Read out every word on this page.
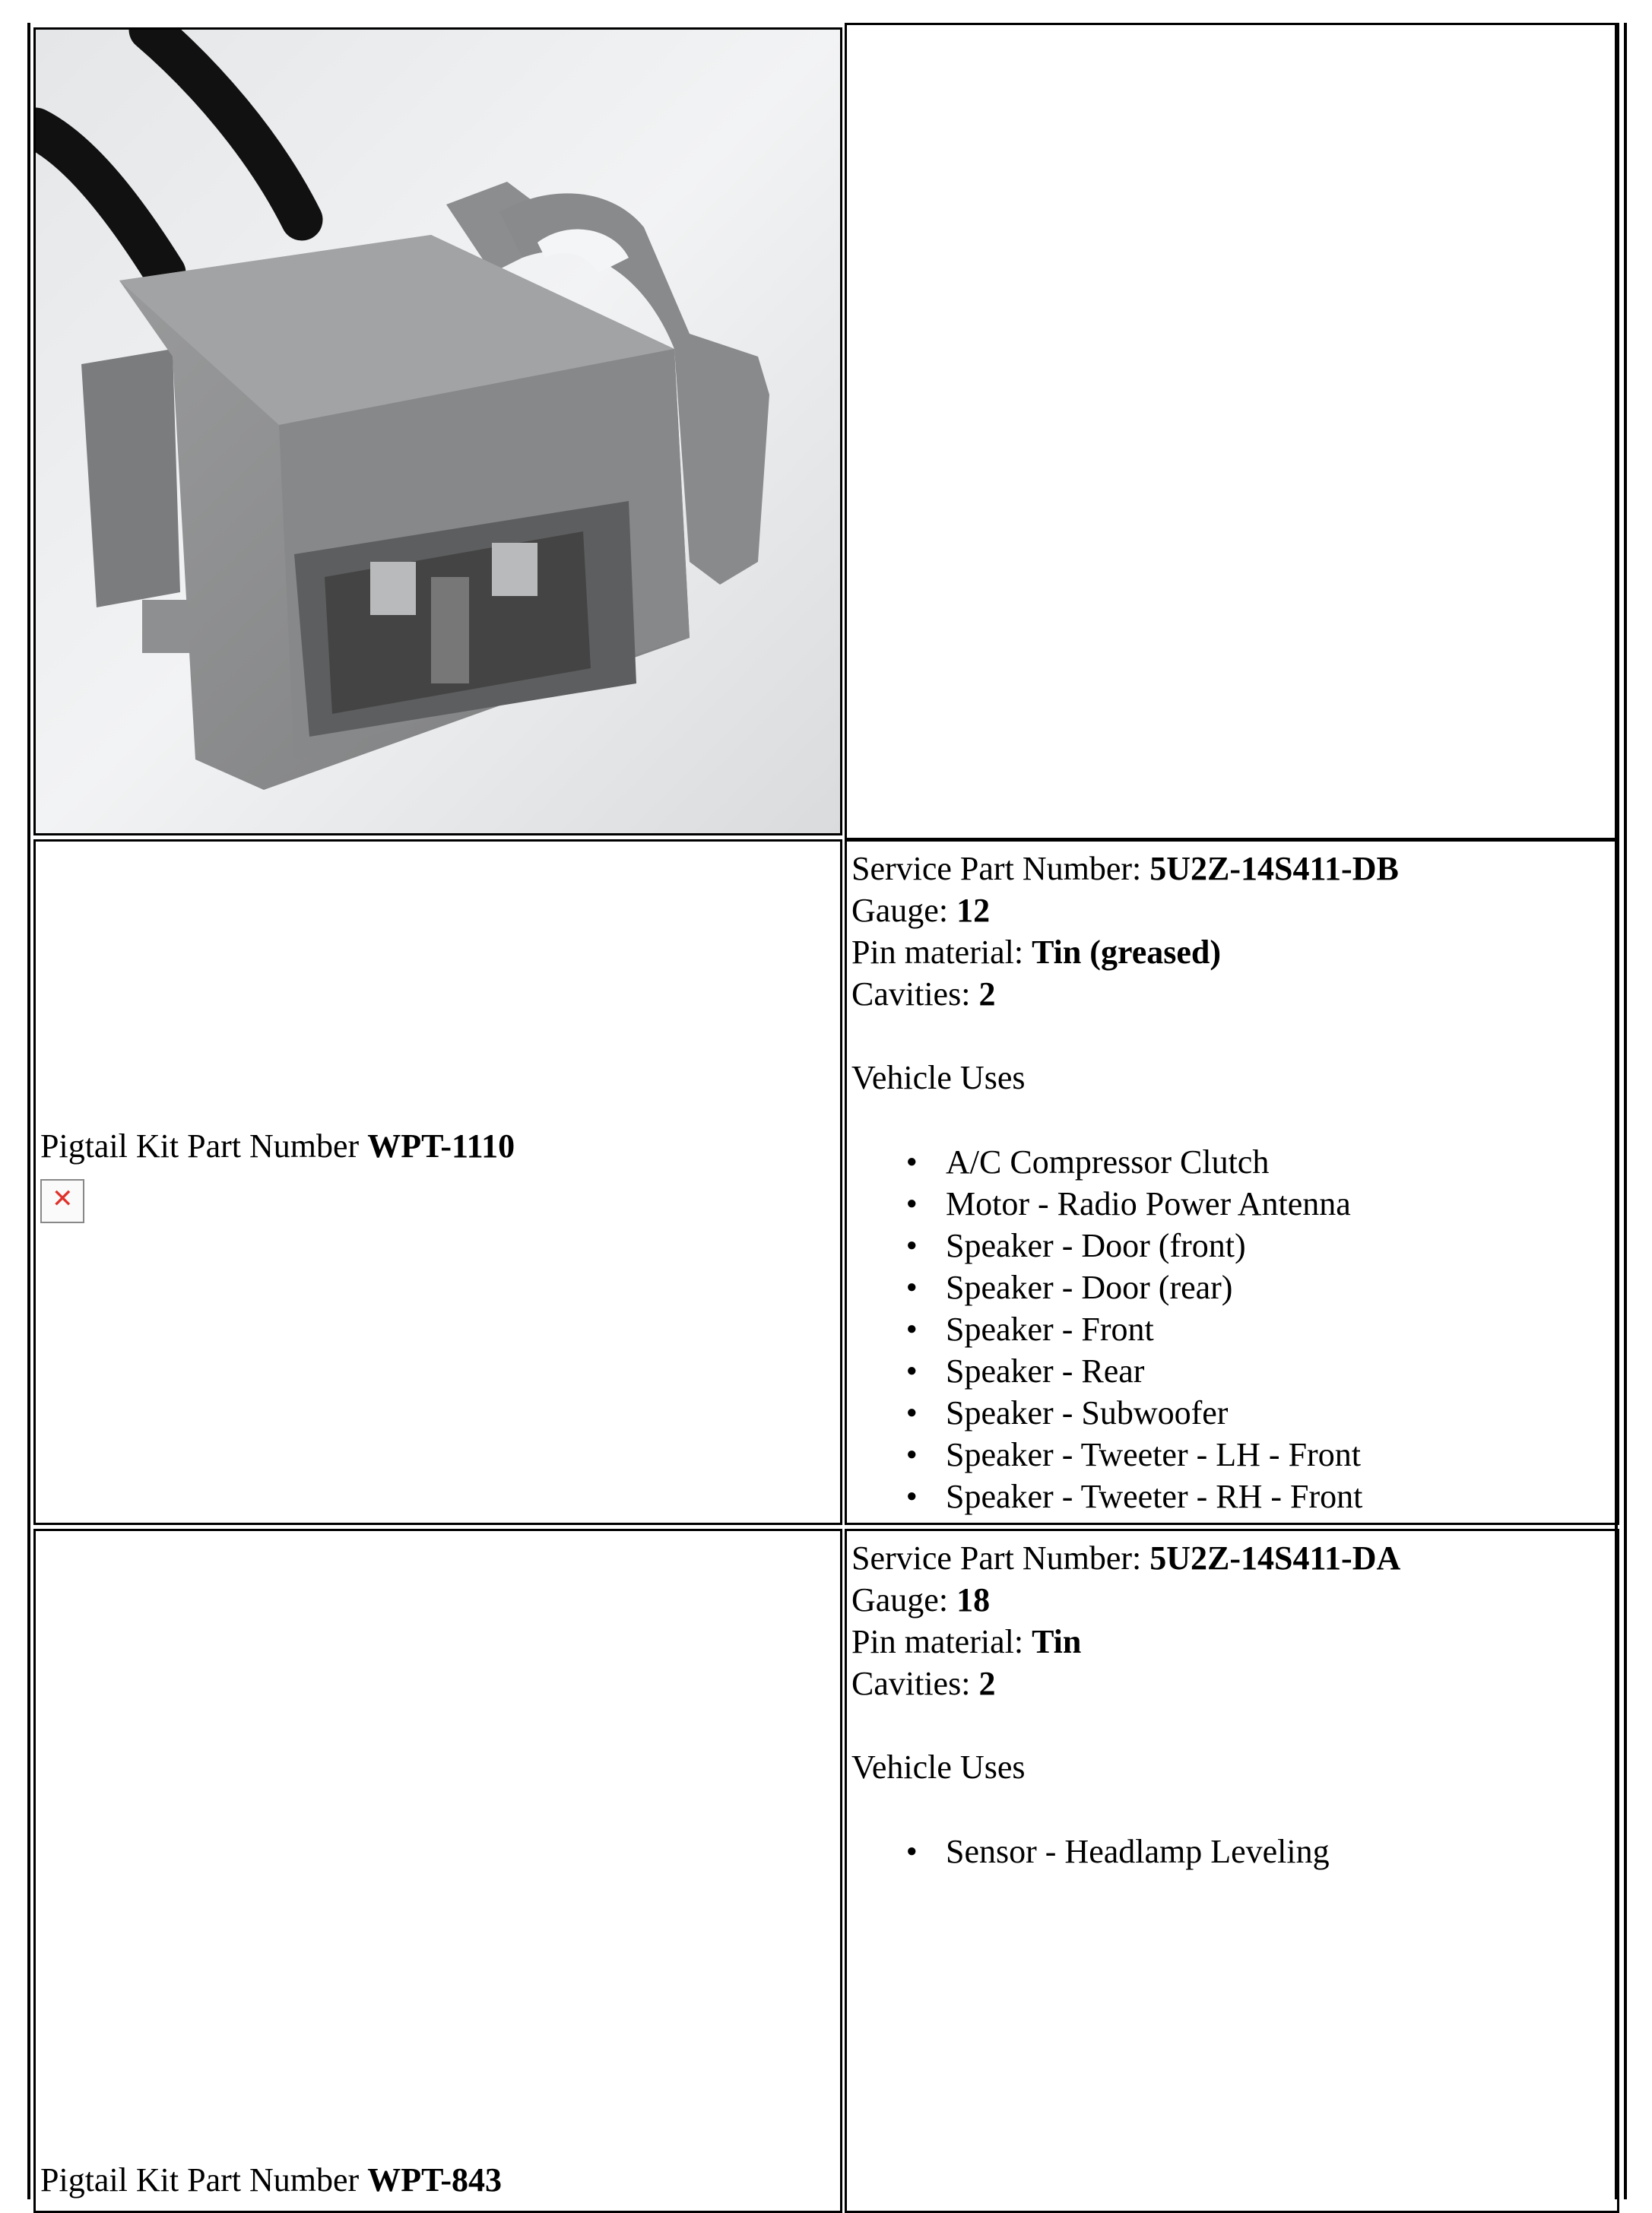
Pigtail Kit Part Number WPT-1110
✕
Service Part Number: 5U2Z-14S411-DB
Gauge: 12
Pin material: Tin (greased)
Cavities: 2
Vehicle Uses
● A/C Compressor Clutch
● Motor - Radio Power Antenna
● Speaker - Door (front)
● Speaker - Door (rear)
● Speaker - Front
● Speaker - Rear
● Speaker - Subwoofer
● Speaker - Tweeter - LH - Front
● Speaker - Tweeter - RH - Front
Pigtail Kit Part Number WPT-843
Service Part Number: 5U2Z-14S411-DA
Gauge: 18
Pin material: Tin
Cavities: 2
Vehicle Uses
● Sensor - Headlamp Leveling
